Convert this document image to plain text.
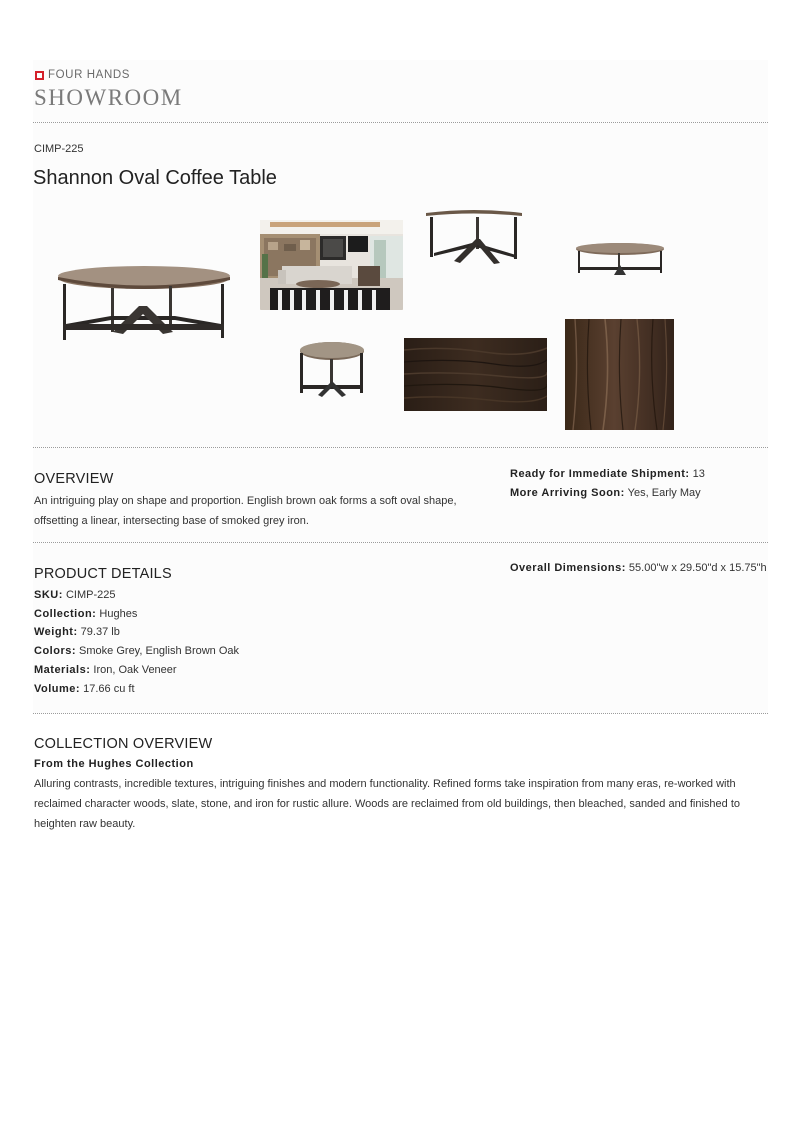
FOUR HANDS
SHOWROOM
CIMP-225
Shannon Oval Coffee Table
OVERVIEW
An intriguing play on shape and proportion. English brown oak forms a soft oval shape, offsetting a linear, intersecting base of smoked grey iron.
Ready for Immediate Shipment: 13
More Arriving Soon: Yes, Early May
PRODUCT DETAILS
SKU: CIMP-225
Collection: Hughes
Weight: 79.37 lb
Colors: Smoke Grey, English Brown Oak
Materials: Iron, Oak Veneer
Volume: 17.66 cu ft
Overall Dimensions: 55.00"w x 29.50"d x 15.75"h
COLLECTION OVERVIEW
From the Hughes Collection
Alluring contrasts, incredible textures, intriguing finishes and modern functionality. Refined forms take inspiration from many eras, re-worked with reclaimed character woods, slate, stone, and iron for rustic allure. Woods are reclaimed from old buildings, then bleached, sanded and finished to heighten raw beauty.
